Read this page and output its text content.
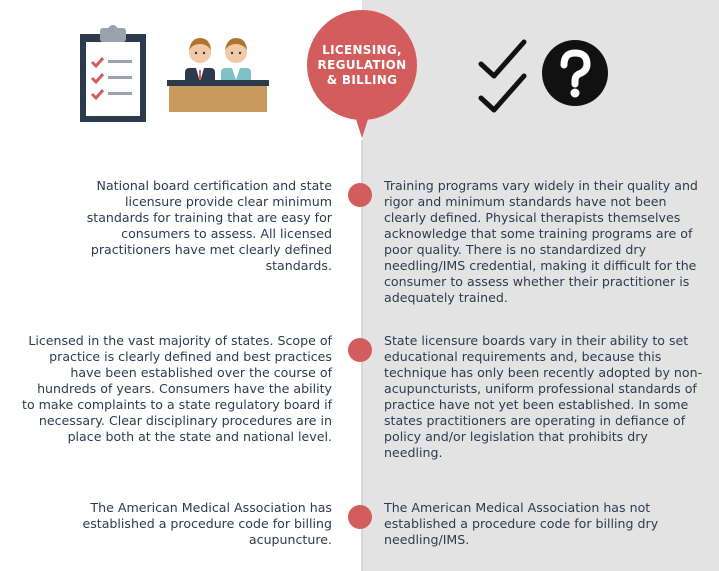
LICENSING,
REGULATION
& BILLING
National board certification and state licensure provide clear minimum standards for training that are easy for consumers to assess. All licensed practitioners have met clearly defined standards.
Training programs vary widely in their quality and rigor and minimum standards have not been clearly defined. Physical therapists themselves acknowledge that some training programs are of poor quality. There is no standardized dry needling/IMS credential, making it difficult for the consumer to assess whether their practitioner is adequately trained.
Licensed in the vast majority of states. Scope of practice is clearly defined and best practices have been established over the course of hundreds of years. Consumers have the ability to make complaints to a state regulatory board if necessary. Clear disciplinary procedures are in place both at the state and national level.
State licensure boards vary in their ability to set educational requirements and, because this technique has only been recently adopted by non-acupuncturists, uniform professional standards of practice have not yet been established. In some states practitioners are operating in defiance of policy and/or legislation that prohibits dry needling.
The American Medical Association has established a procedure code for billing acupuncture.
The American Medical Association has not established a procedure code for billing dry needling/IMS.
